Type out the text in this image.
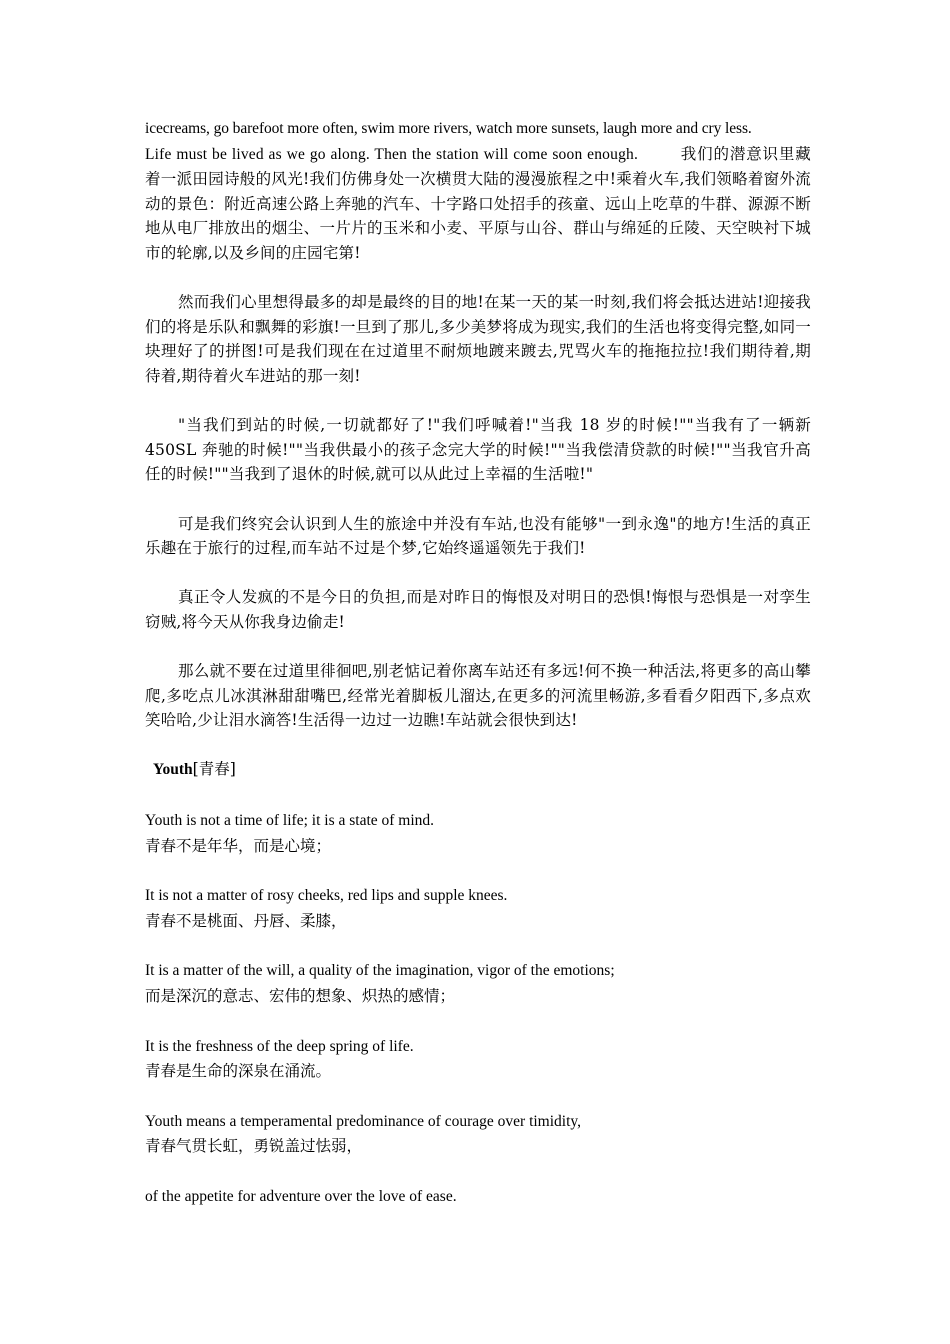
icecreams, go barefoot more often, swim more rivers, watch more sunsets, laugh more and cry less.
Life must be lived as we go along. Then the station will come soon enough.	我们的潜意识里藏着一派田园诗般的风光!我们仿佛身处一次横贯大陆的漫漫旅程之中!乘着火车,我们领略着窗外流动的景色：附近高速公路上奔驰的汽车、十字路口处招手的孩童、远山上吃草的牛群、源源不断地从电厂排放出的烟尘、一片片的玉米和小麦、平原与山谷、群山与绵延的丘陵、天空映衬下城市的轮廓,以及乡间的庄园宅第!

然而我们心里想得最多的却是最终的目的地!在某一天的某一时刻,我们将会抵达进站!迎接我们的将是乐队和飘舞的彩旗!一旦到了那儿,多少美梦将成为现实,我们的生活也将变得完整,如同一块理好了的拼图!可是我们现在在过道里不耐烦地踱来踱去,咒骂火车的拖拖拉拉!我们期待着,期待着,期待着火车进站的那一刻!

"当我们到站的时候,一切就都好了!"我们呼喊着!"当我 18 岁的时候!""当我有了一辆新 450SL 奔驰的时候!""当我供最小的孩子念完大学的时候!""当我偿清贷款的时候!""当我官升高任的时候!""当我到了退休的时候,就可以从此过上幸福的生活啦!"

可是我们终究会认识到人生的旅途中并没有车站,也没有能够"一到永逸"的地方!生活的真正乐趣在于旅行的过程,而车站不过是个梦,它始终遥遥领先于我们!

真正令人发疯的不是今日的负担,而是对昨日的悔恨及对明日的恐惧!悔恨与恐惧是一对孪生窃贼,将今天从你我身边偷走!

那么就不要在过道里徘徊吧,别老惦记着你离车站还有多远!何不换一种活法,将更多的高山攀爬,多吃点儿冰淇淋甜甜嘴巴,经常光着脚板儿溜达,在更多的河流里畅游,多看看夕阳西下,多点欢笑哈哈,少让泪水滴答!生活得一边过一边瞧!车站就会很快到达!

Youth[青春]

Youth is not a time of life; it is a state of mind.

青春不是年华，而是心境；

It is not a matter of rosy cheeks, red lips and supple knees.

青春不是桃面、丹唇、柔膝，

It is a matter of the will, a quality of the imagination, vigor of the emotions;

而是深沉的意志、宏伟的想象、炽热的感情；

It is the freshness of the deep spring of life.

青春是生命的深泉在涌流。

Youth means a temperamental predominance of courage over timidity,

青春气贯长虹，勇锐盖过怯弱，

of the appetite for adventure over the love of ease.
